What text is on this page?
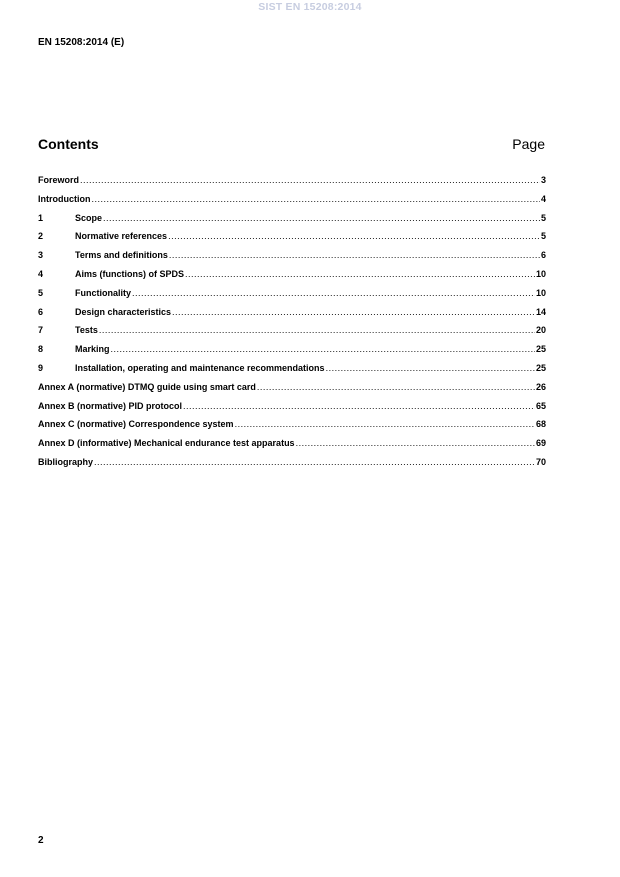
SIST EN 15208:2014
EN 15208:2014 (E)
Contents	Page
Foreword .....	3
Introduction .....	4
1	Scope .....	5
2	Normative references .....	5
3	Terms and definitions .....	6
4	Aims (functions) of SPDS .....	10
5	Functionality .....	10
6	Design characteristics .....	14
7	Tests .....	20
8	Marking .....	25
9	Installation, operating and maintenance recommendations .....	25
Annex A (normative) DTMQ guide using smart card .....	26
Annex B (normative) PID protocol .....	65
Annex C (normative) Correspondence system .....	68
Annex D (informative) Mechanical endurance test apparatus .....	69
Bibliography .....	70
2
